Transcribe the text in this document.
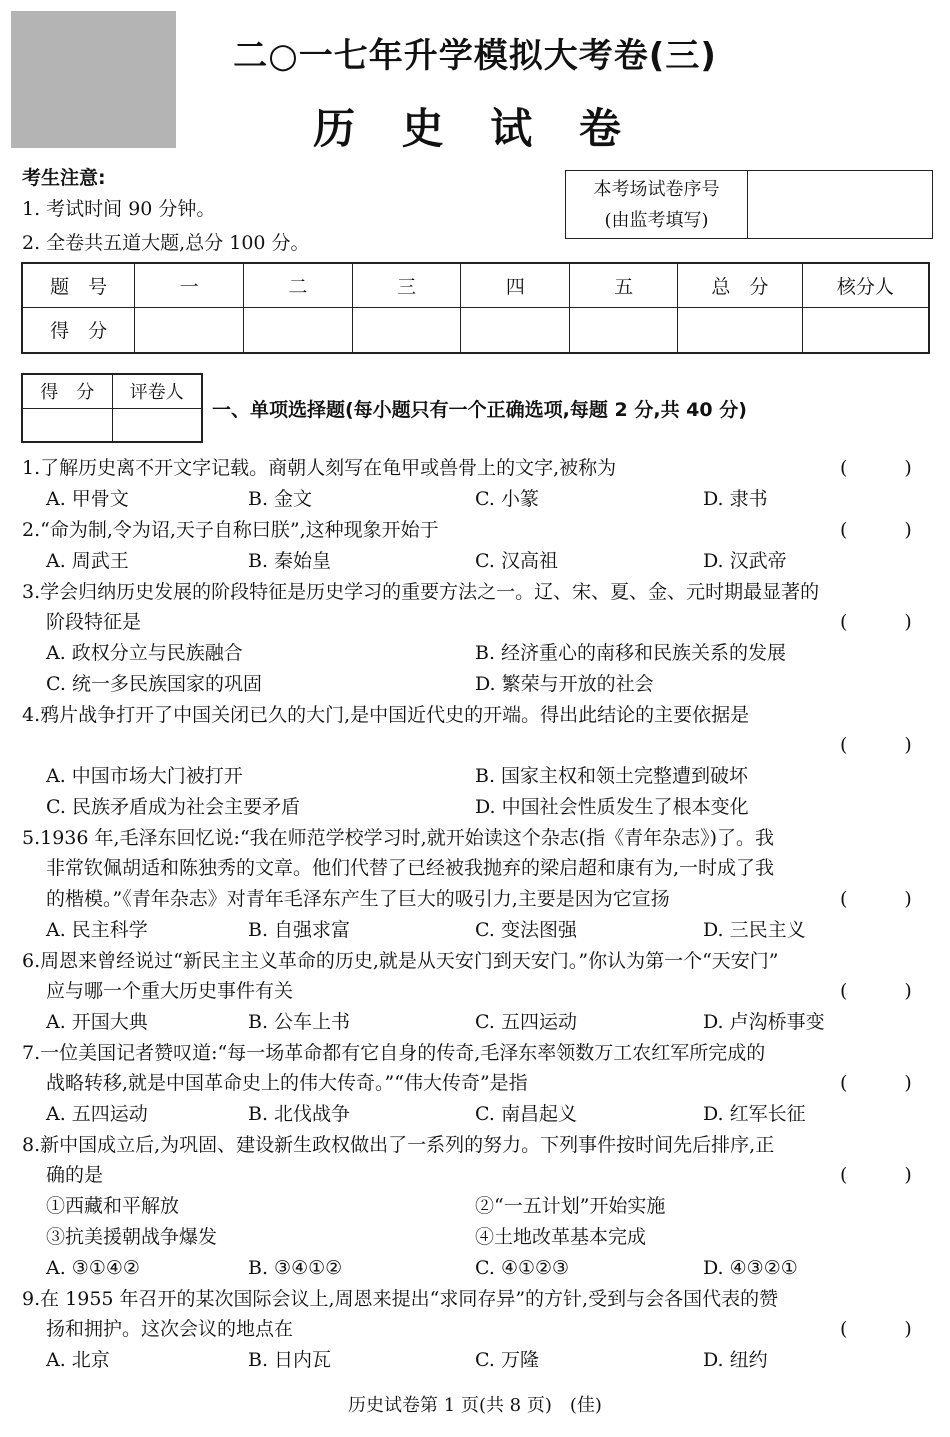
二○一七年升学模拟大考卷(三)
历 史 试 卷
考生注意:
1. 考试时间 90 分钟。
2. 全卷共五道大题,总分 100 分。
本考场试卷序号
(由监考填写)

题　号	一	二	三	四	五	总　分	核分人
得　分							
得　分	评卷人

一、单项选择题(每小题只有一个正确选项,每题 2 分,共 40 分)
1.了解历史离不开文字记载。商朝人刻写在龟甲或兽骨上的文字,被称为	(　　　)
A. 甲骨文	B. 金文	C. 小篆	D. 隶书
2.“命为制,令为诏,天子自称曰朕”,这种现象开始于	(　　　)
A. 周武王	B. 秦始皇	C. 汉高祖	D. 汉武帝
3.学会归纳历史发展的阶段特征是历史学习的重要方法之一。辽、宋、夏、金、元时期最显著的
阶段特征是	(　　　)
A. 政权分立与民族融合	B. 经济重心的南移和民族关系的发展
C. 统一多民族国家的巩固	D. 繁荣与开放的社会
4.鸦片战争打开了中国关闭已久的大门,是中国近代史的开端。得出此结论的主要依据是
(　　　)
A. 中国市场大门被打开	B. 国家主权和领土完整遭到破坏
C. 民族矛盾成为社会主要矛盾	D. 中国社会性质发生了根本变化
5.1936 年,毛泽东回忆说:“我在师范学校学习时,就开始读这个杂志(指《青年杂志》)了。我
非常钦佩胡适和陈独秀的文章。他们代替了已经被我抛弃的梁启超和康有为,一时成了我
的楷模。”《青年杂志》对青年毛泽东产生了巨大的吸引力,主要是因为它宣扬	(　　　)
A. 民主科学	B. 自强求富	C. 变法图强	D. 三民主义
6.周恩来曾经说过“新民主主义革命的历史,就是从天安门到天安门。”你认为第一个“天安门”
应与哪一个重大历史事件有关	(　　　)
A. 开国大典	B. 公车上书	C. 五四运动	D. 卢沟桥事变
7.一位美国记者赞叹道:“每一场革命都有它自身的传奇,毛泽东率领数万工农红军所完成的
战略转移,就是中国革命史上的伟大传奇。”“伟大传奇”是指	(　　　)
A. 五四运动	B. 北伐战争	C. 南昌起义	D. 红军长征
8.新中国成立后,为巩固、建设新生政权做出了一系列的努力。下列事件按时间先后排序,正
确的是	(　　　)
①西藏和平解放	②“一五计划”开始实施
③抗美援朝战争爆发	④土地改革基本完成
A. ③①④②	B. ③④①②	C. ④①②③	D. ④③②①
9.在 1955 年召开的某次国际会议上,周恩来提出“求同存异”的方针,受到与会各国代表的赞
扬和拥护。这次会议的地点在	(　　　)
A. 北京	B. 日内瓦	C. 万隆	D. 纽约
历史试卷第 1 页(共 8 页)　(佳)
